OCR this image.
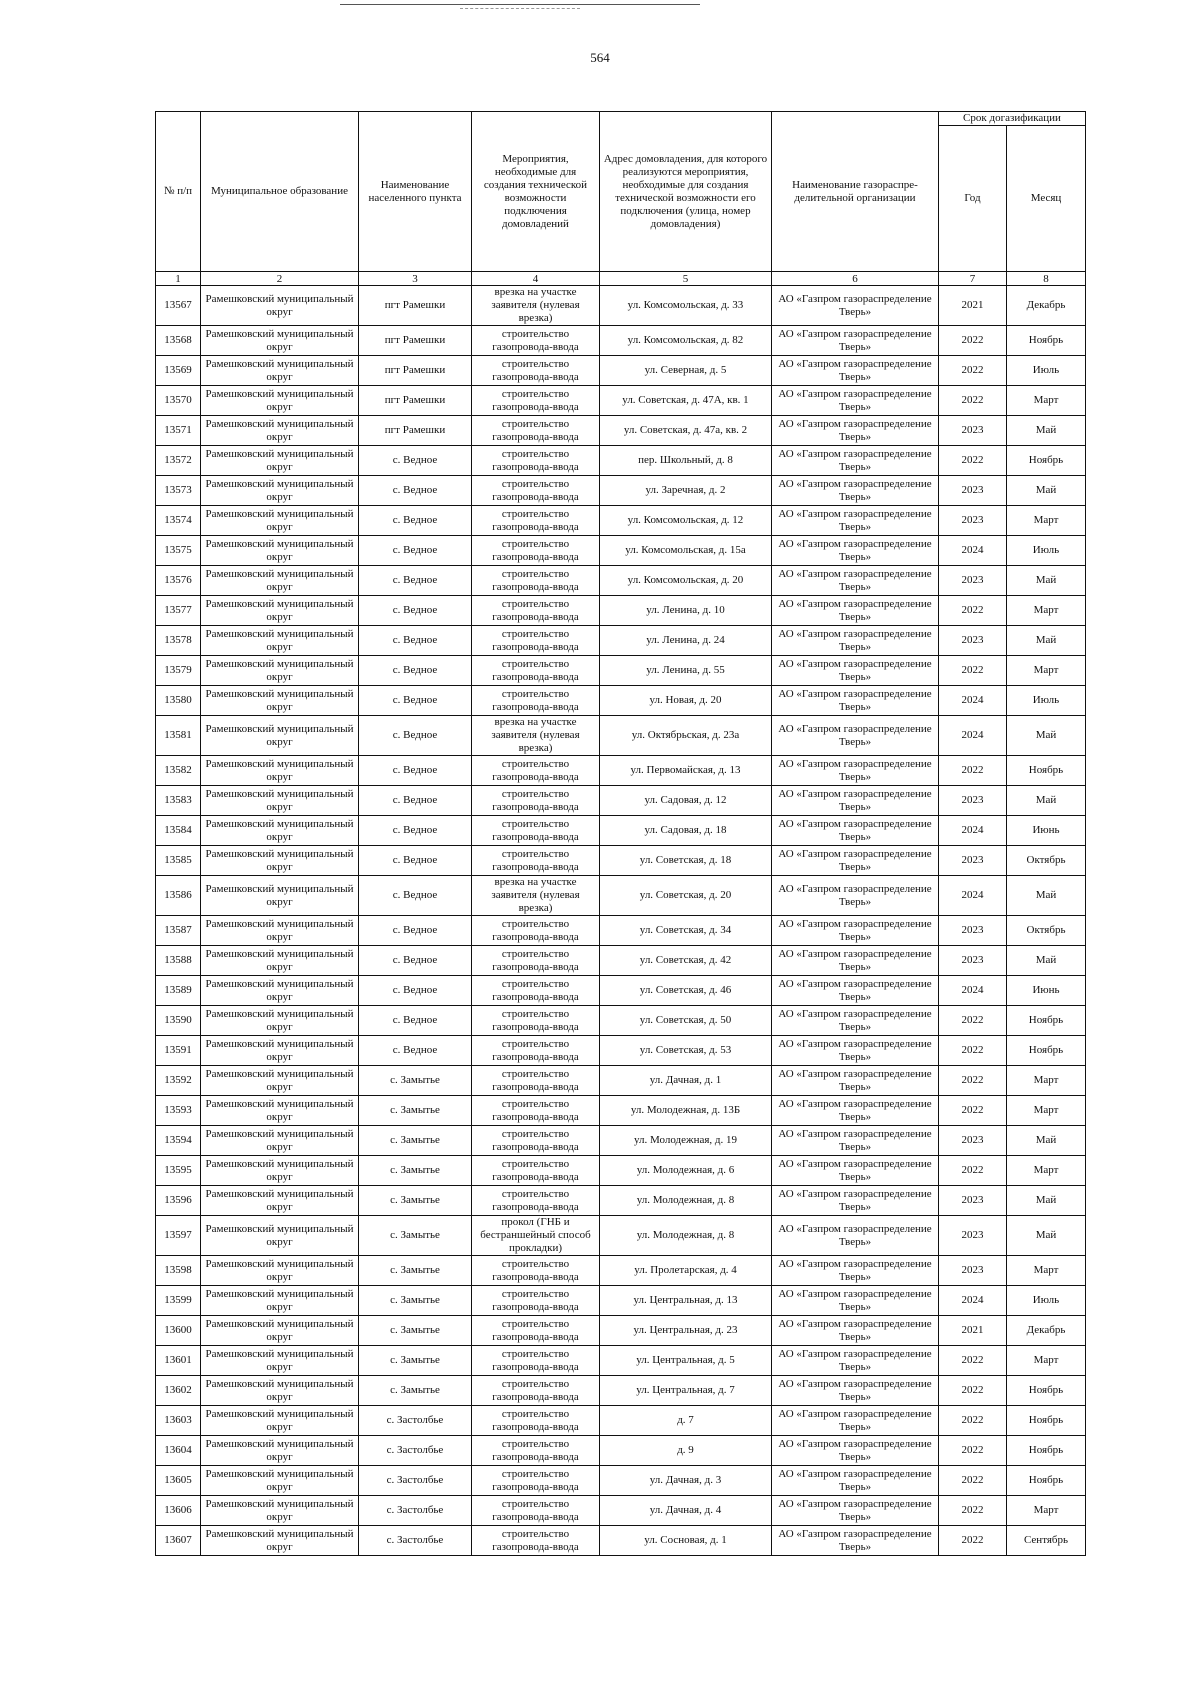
564
№ п/п	Муниципальное образование	Наименование населенного пункта	Мероприятия, необходимые для создания технической возможности подключения домовладений	Адрес домовладения, для которого реализуются мероприятия, необходимые для создания технической возможности его подключения (улица, номер домовладения)	Наименование газораспре- делительной организации	Срок догазификации	
						Год	Месяц
1	2	3	4	5	6	7	8
13567	Рамешковский муниципальный округ	пгт Рамешки	врезка на участке заявителя (нулевая врезка)	ул. Комсомольская, д. 33	АО «Газпром газораспределение Тверь»	2021	Декабрь
13568	Рамешковский муниципальный округ	пгт Рамешки	строительство газопровода-ввода	ул. Комсомольская, д. 82	АО «Газпром газораспределение Тверь»	2022	Ноябрь
13569	Рамешковский муниципальный округ	пгт Рамешки	строительство газопровода-ввода	ул. Северная, д. 5	АО «Газпром газораспределение Тверь»	2022	Июль
13570	Рамешковский муниципальный округ	пгт Рамешки	строительство газопровода-ввода	ул. Советская, д. 47А, кв. 1	АО «Газпром газораспределение Тверь»	2022	Март
13571	Рамешковский муниципальный округ	пгт Рамешки	строительство газопровода-ввода	ул. Советская, д. 47а, кв. 2	АО «Газпром газораспределение Тверь»	2023	Май
13572	Рамешковский муниципальный округ	с. Ведное	строительство газопровода-ввода	пер. Школьный, д. 8	АО «Газпром газораспределение Тверь»	2022	Ноябрь
13573	Рамешковский муниципальный округ	с. Ведное	строительство газопровода-ввода	ул. Заречная, д. 2	АО «Газпром газораспределение Тверь»	2023	Май
13574	Рамешковский муниципальный округ	с. Ведное	строительство газопровода-ввода	ул. Комсомольская, д. 12	АО «Газпром газораспределение Тверь»	2023	Март
13575	Рамешковский муниципальный округ	с. Ведное	строительство газопровода-ввода	ул. Комсомольская, д. 15а	АО «Газпром газораспределение Тверь»	2024	Июль
13576	Рамешковский муниципальный округ	с. Ведное	строительство газопровода-ввода	ул. Комсомольская, д. 20	АО «Газпром газораспределение Тверь»	2023	Май
13577	Рамешковский муниципальный округ	с. Ведное	строительство газопровода-ввода	ул. Ленина, д. 10	АО «Газпром газораспределение Тверь»	2022	Март
13578	Рамешковский муниципальный округ	с. Ведное	строительство газопровода-ввода	ул. Ленина, д. 24	АО «Газпром газораспределение Тверь»	2023	Май
13579	Рамешковский муниципальный округ	с. Ведное	строительство газопровода-ввода	ул. Ленина, д. 55	АО «Газпром газораспределение Тверь»	2022	Март
13580	Рамешковский муниципальный округ	с. Ведное	строительство газопровода-ввода	ул. Новая, д. 20	АО «Газпром газораспределение Тверь»	2024	Июль
13581	Рамешковский муниципальный округ	с. Ведное	врезка на участке заявителя (нулевая врезка)	ул. Октябрьская, д. 23а	АО «Газпром газораспределение Тверь»	2024	Май
13582	Рамешковский муниципальный округ	с. Ведное	строительство газопровода-ввода	ул. Первомайская, д. 13	АО «Газпром газораспределение Тверь»	2022	Ноябрь
13583	Рамешковский муниципальный округ	с. Ведное	строительство газопровода-ввода	ул. Садовая, д. 12	АО «Газпром газораспределение Тверь»	2023	Май
13584	Рамешковский муниципальный округ	с. Ведное	строительство газопровода-ввода	ул. Садовая, д. 18	АО «Газпром газораспределение Тверь»	2024	Июнь
13585	Рамешковский муниципальный округ	с. Ведное	строительство газопровода-ввода	ул. Советская, д. 18	АО «Газпром газораспределение Тверь»	2023	Октябрь
13586	Рамешковский муниципальный округ	с. Ведное	врезка на участке заявителя (нулевая врезка)	ул. Советская, д. 20	АО «Газпром газораспределение Тверь»	2024	Май
13587	Рамешковский муниципальный округ	с. Ведное	строительство газопровода-ввода	ул. Советская, д. 34	АО «Газпром газораспределение Тверь»	2023	Октябрь
13588	Рамешковский муниципальный округ	с. Ведное	строительство газопровода-ввода	ул. Советская, д. 42	АО «Газпром газораспределение Тверь»	2023	Май
13589	Рамешковский муниципальный округ	с. Ведное	строительство газопровода-ввода	ул. Советская, д. 46	АО «Газпром газораспределение Тверь»	2024	Июнь
13590	Рамешковский муниципальный округ	с. Ведное	строительство газопровода-ввода	ул. Советская, д. 50	АО «Газпром газораспределение Тверь»	2022	Ноябрь
13591	Рамешковский муниципальный округ	с. Ведное	строительство газопровода-ввода	ул. Советская, д. 53	АО «Газпром газораспределение Тверь»	2022	Ноябрь
13592	Рамешковский муниципальный округ	с. Замытье	строительство газопровода-ввода	ул. Дачная, д. 1	АО «Газпром газораспределение Тверь»	2022	Март
13593	Рамешковский муниципальный округ	с. Замытье	строительство газопровода-ввода	ул. Молодежная, д. 13Б	АО «Газпром газораспределение Тверь»	2022	Март
13594	Рамешковский муниципальный округ	с. Замытье	строительство газопровода-ввода	ул. Молодежная, д. 19	АО «Газпром газораспределение Тверь»	2023	Май
13595	Рамешковский муниципальный округ	с. Замытье	строительство газопровода-ввода	ул. Молодежная, д. 6	АО «Газпром газораспределение Тверь»	2022	Март
13596	Рамешковский муниципальный округ	с. Замытье	строительство газопровода-ввода	ул. Молодежная, д. 8	АО «Газпром газораспределение Тверь»	2023	Май
13597	Рамешковский муниципальный округ	с. Замытье	прокол (ГНБ и бестраншейный способ прокладки)	ул. Молодежная, д. 8	АО «Газпром газораспределение Тверь»	2023	Май
13598	Рамешковский муниципальный округ	с. Замытье	строительство газопровода-ввода	ул. Пролетарская, д. 4	АО «Газпром газораспределение Тверь»	2023	Март
13599	Рамешковский муниципальный округ	с. Замытье	строительство газопровода-ввода	ул. Центральная, д. 13	АО «Газпром газораспределение Тверь»	2024	Июль
13600	Рамешковский муниципальный округ	с. Замытье	строительство газопровода-ввода	ул. Центральная, д. 23	АО «Газпром газораспределение Тверь»	2021	Декабрь
13601	Рамешковский муниципальный округ	с. Замытье	строительство газопровода-ввода	ул. Центральная, д. 5	АО «Газпром газораспределение Тверь»	2022	Март
13602	Рамешковский муниципальный округ	с. Замытье	строительство газопровода-ввода	ул. Центральная, д. 7	АО «Газпром газораспределение Тверь»	2022	Ноябрь
13603	Рамешковский муниципальный округ	с. Застолбье	строительство газопровода-ввода	д. 7	АО «Газпром газораспределение Тверь»	2022	Ноябрь
13604	Рамешковский муниципальный округ	с. Застолбье	строительство газопровода-ввода	д. 9	АО «Газпром газораспределение Тверь»	2022	Ноябрь
13605	Рамешковский муниципальный округ	с. Застолбье	строительство газопровода-ввода	ул. Дачная, д. 3	АО «Газпром газораспределение Тверь»	2022	Ноябрь
13606	Рамешковский муниципальный округ	с. Застолбье	строительство газопровода-ввода	ул. Дачная, д. 4	АО «Газпром газораспределение Тверь»	2022	Март
13607	Рамешковский муниципальный округ	с. Застолбье	строительство газопровода-ввода	ул. Сосновая, д. 1	АО «Газпром газораспределение Тверь»	2022	Сентябрь
